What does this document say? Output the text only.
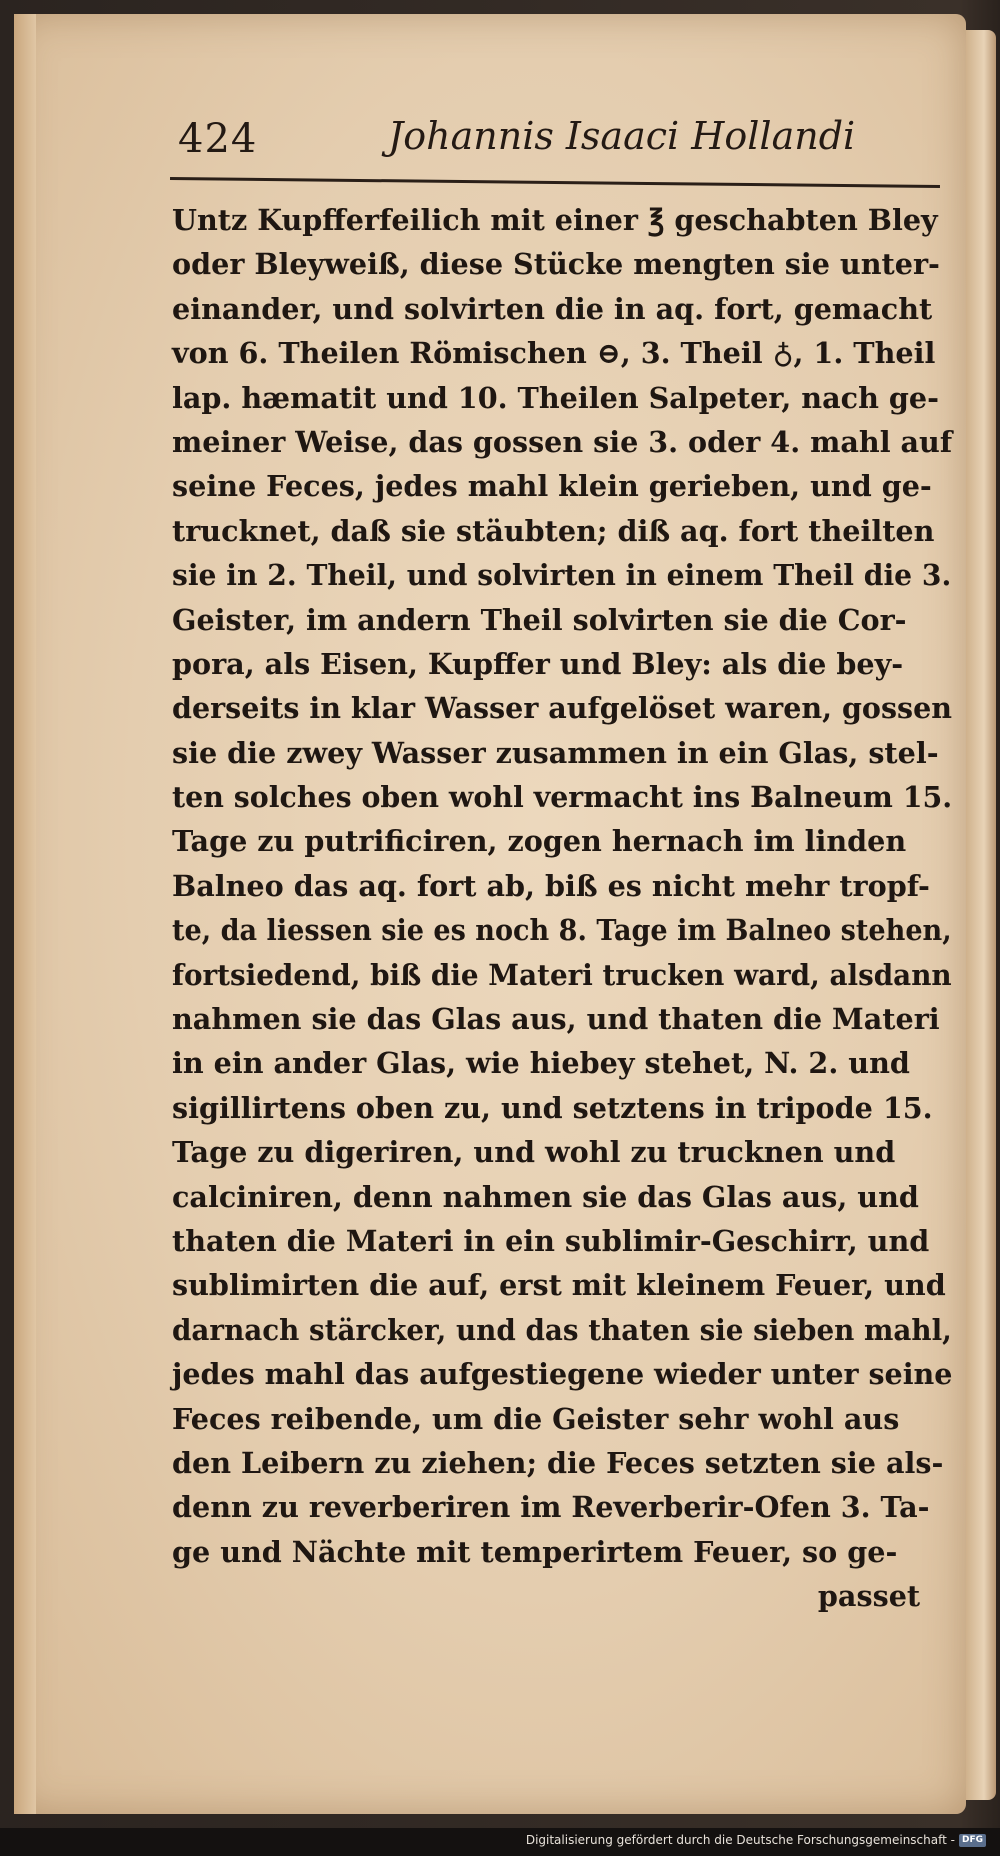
424	Johannis Isaaci Hollandi
Untz Kupfferfeilich mit einer ℥ geschabten Bley
oder Bleyweiß, diese Stücke mengten sie unter-
einander, und solvirten die in aq. fort, gemacht
von 6. Theilen Römischen ⊖, 3. Theil ♁, 1. Theil
lap. hæmatit und 10. Theilen Salpeter, nach ge-
meiner Weise, das gossen sie 3. oder 4. mahl auf
seine Feces, jedes mahl klein gerieben, und ge-
trucknet, daß sie stäubten; diß aq. fort theilten
sie in 2. Theil, und solvirten in einem Theil die 3.
Geister, im andern Theil solvirten sie die Cor-
pora, als Eisen, Kupffer und Bley: als die bey-
derseits in klar Wasser aufgelöset waren, gossen
sie die zwey Wasser zusammen in ein Glas, stel-
ten solches oben wohl vermacht ins Balneum 15.
Tage zu putrificiren, zogen hernach im linden
Balneo das aq. fort ab, biß es nicht mehr tropf-
te, da liessen sie es noch 8. Tage im Balneo stehen,
fortsiedend, biß die Materi trucken ward, alsdann
nahmen sie das Glas aus, und thaten die Materi
in ein ander Glas, wie hiebey stehet, N. 2. und
sigillirtens oben zu, und setztens in tripode 15.
Tage zu digeriren, und wohl zu trucknen und
calciniren, denn nahmen sie das Glas aus, und
thaten die Materi in ein sublimir-Geschirr, und
sublimirten die auf, erst mit kleinem Feuer, und
darnach stärcker, und das thaten sie sieben mahl,
jedes mahl das aufgestiegene wieder unter seine
Feces reibende, um die Geister sehr wohl aus
den Leibern zu ziehen; die Feces setzten sie als-
denn zu reverberiren im Reverberir-Ofen 3. Ta-
ge und Nächte mit temperirtem Feuer, so ge-
passet
Digitalisierung gefördert durch die Deutsche Forschungsgemeinschaft - DFG
